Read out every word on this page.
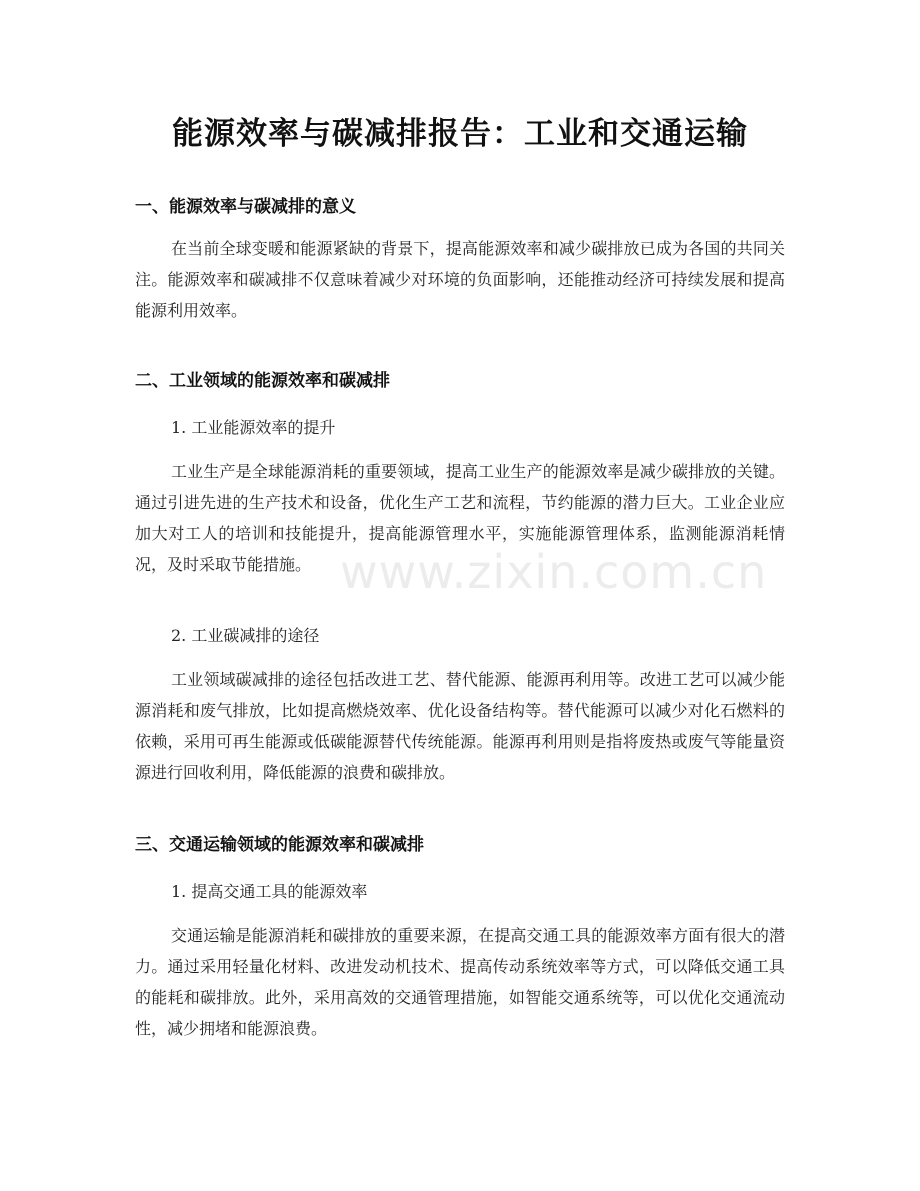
能源效率与碳减排报告：工业和交通运输
一、能源效率与碳减排的意义

在当前全球变暖和能源紧缺的背景下，提高能源效率和减少碳排放已成为各国的共同关注。能源效率和碳减排不仅意味着减少对环境的负面影响，还能推动经济可持续发展和提高能源利用效率。

二、工业领域的能源效率和碳减排

1. 工业能源效率的提升

工业生产是全球能源消耗的重要领域，提高工业生产的能源效率是减少碳排放的关键。通过引进先进的生产技术和设备，优化生产工艺和流程，节约能源的潜力巨大。工业企业应加大对工人的培训和技能提升，提高能源管理水平，实施能源管理体系，监测能源消耗情况，及时采取节能措施。

2. 工业碳减排的途径

工业领域碳减排的途径包括改进工艺、替代能源、能源再利用等。改进工艺可以减少能源消耗和废气排放，比如提高燃烧效率、优化设备结构等。替代能源可以减少对化石燃料的依赖，采用可再生能源或低碳能源替代传统能源。能源再利用则是指将废热或废气等能量资源进行回收利用，降低能源的浪费和碳排放。

三、交通运输领域的能源效率和碳减排

1. 提高交通工具的能源效率

交通运输是能源消耗和碳排放的重要来源，在提高交通工具的能源效率方面有很大的潜力。通过采用轻量化材料、改进发动机技术、提高传动系统效率等方式，可以降低交通工具的能耗和碳排放。此外，采用高效的交通管理措施，如智能交通系统等，可以优化交通流动性，减少拥堵和能源浪费。

www.zixin.com.cn
